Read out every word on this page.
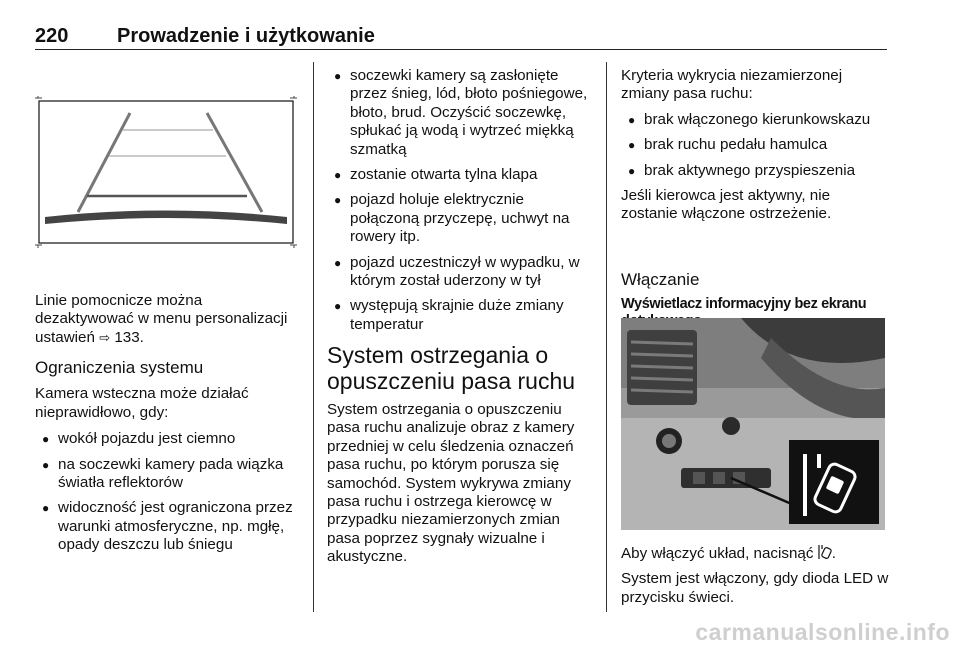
220 Prowadzenie i użytkowanie

Linie pomocnicze można dezaktywować w menu personalizacji ustawień ⇨ 133.

Ograniczenia systemu

Kamera wsteczna może działać nieprawidłowo, gdy:

● wokół pojazdu jest ciemno
● na soczewki kamery pada wiązka światła reflektorów
● widoczność jest ograniczona przez warunki atmosferyczne, np. mgłę, opady deszczu lub śniegu
● soczewki kamery są zasłonięte przez śnieg, lód, błoto pośniegowe, błoto, brud. Oczyścić soczewkę, spłukać ją wodą i wytrzeć miękką szmatką
● zostanie otwarta tylna klapa
● pojazd holuje elektrycznie połączoną przyczepę, uchwyt na rowery itp.
● pojazd uczestniczył w wypadku, w którym został uderzony w tył
● występują skrajnie duże zmiany temperatur
System ostrzegania o opuszczeniu pasa ruchu

System ostrzegania o opuszczeniu pasa ruchu analizuje obraz z kamery przedniej w celu śledzenia oznaczeń pasa ruchu, po którym porusza się samochód. System wykrywa zmiany pasa ruchu i ostrzega kierowcę w przypadku niezamierzonych zmian pasa poprzez sygnały wizualne i akustyczne.

Kryteria wykrycia niezamierzonej zmiany pasa ruchu:

● brak włączonego kierunkowskazu
● brak ruchu pedału hamulca
● brak aktywnego przyspieszenia

Jeśli kierowca jest aktywny, nie zostanie włączone ostrzeżenie.

Włączanie
Wyświetlacz informacyjny bez ekranu

Aby włączyć układ, nacisnąć .

System jest włączony, gdy dioda LED w przycisku świeci.

carmanualsonline.info
